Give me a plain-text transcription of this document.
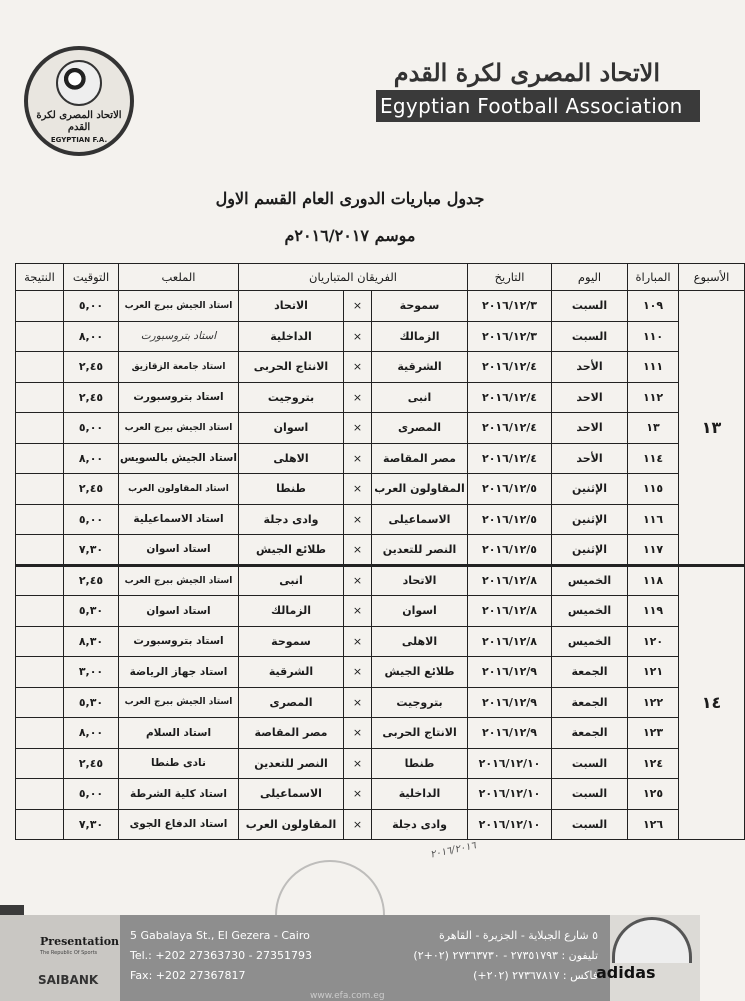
الاتحاد المصرى لكرة القدم
EGYPTIAN F.A.
الاتحاد المصرى لكرة القدم
Egyptian Football Association
جدول مباريات الدورى العام القسم الاول
موسم ٢٠١٦/٢٠١٧م
الأسبوع	المباراة	اليوم	التاريخ	الفريقان المتباريان			الملعب	التوقيت	النتيجة
١٣	١٠٩	السبت	٢٠١٦/١٢/٣	سموحة	×	الاتحاد	استاد الجيش ببرج العرب	٥,٠٠	
	١١٠	السبت	٢٠١٦/١٢/٣	الزمالك	×	الداخلية	استاد بتروسبورت	٨,٠٠	
	١١١	الأحد	٢٠١٦/١٢/٤	الشرقية	×	الانتاج الحربى	استاد جامعة الزقازيق	٢,٤٥	
	١١٢	الاحد	٢٠١٦/١٢/٤	انبى	×	بتروجيت	استاد بتروسبورت	٢,٤٥	
	١٣	الاحد	٢٠١٦/١٢/٤	المصرى	×	اسوان	استاد الجيش ببرج العرب	٥,٠٠	
	١١٤	الأحد	٢٠١٦/١٢/٤	مصر المقاصة	×	الاهلى	استاد الجيش بالسويس	٨,٠٠	
	١١٥	الإثنين	٢٠١٦/١٢/٥	المقاولون العرب	×	طنطا	استاد المقاولون العرب	٢,٤٥	
	١١٦	الإثنين	٢٠١٦/١٢/٥	الاسماعيلى	×	وادى دجلة	استاد الاسماعيلية	٥,٠٠	
	١١٧	الإثنين	٢٠١٦/١٢/٥	النصر للتعدين	×	طلائع الجيش	استاد اسوان	٧,٣٠	
١٤	١١٨	الخميس	٢٠١٦/١٢/٨	الاتحاد	×	انبى	استاد الجيش ببرج العرب	٢,٤٥	
	١١٩	الخميس	٢٠١٦/١٢/٨	اسوان	×	الزمالك	استاد اسوان	٥,٣٠	
	١٢٠	الخميس	٢٠١٦/١٢/٨	الاهلى	×	سموحة	استاد بتروسبورت	٨,٣٠	
	١٢١	الجمعة	٢٠١٦/١٢/٩	طلائع الجيش	×	الشرقية	استاد جهاز الرياضة	٣,٠٠	
	١٢٢	الجمعة	٢٠١٦/١٢/٩	بتروجيت	×	المصرى	استاد الجيش ببرج العرب	٥,٣٠	
	١٢٣	الجمعة	٢٠١٦/١٢/٩	الانتاج الحربى	×	مصر المقاصة	استاد السلام	٨,٠٠	
	١٢٤	السبت	٢٠١٦/١٢/١٠	طنطا	×	النصر للتعدين	نادى طنطا	٢,٤٥	
	١٢٥	السبت	٢٠١٦/١٢/١٠	الداخلية	×	الاسماعيلى	استاد كلية الشرطة	٥,٠٠	
	١٢٦	السبت	٢٠١٦/١٢/١٠	وادى دجلة	×	المقاولون العرب	استاد الدفاع الجوى	٧,٣٠	
٢٠١٦/٢٠١٦
Presentation
The Republic Of Sports
SAIBANK
5 Gabalaya St., El Gezera - Cairo
Tel.: +202 27363730 - 27351793
Fax: +202 27367817
٥ شارع الجبلاية - الجزيرة - القاهرة
تليفون : ٢٧٣٥١٧٩٣ - ٢٧٣٦٣٧٣٠ (٠٢+٢)
فاكس : ٢٧٣٦٧٨١٧ (٢٠٢+)
www.efa.com.eg
adidas
